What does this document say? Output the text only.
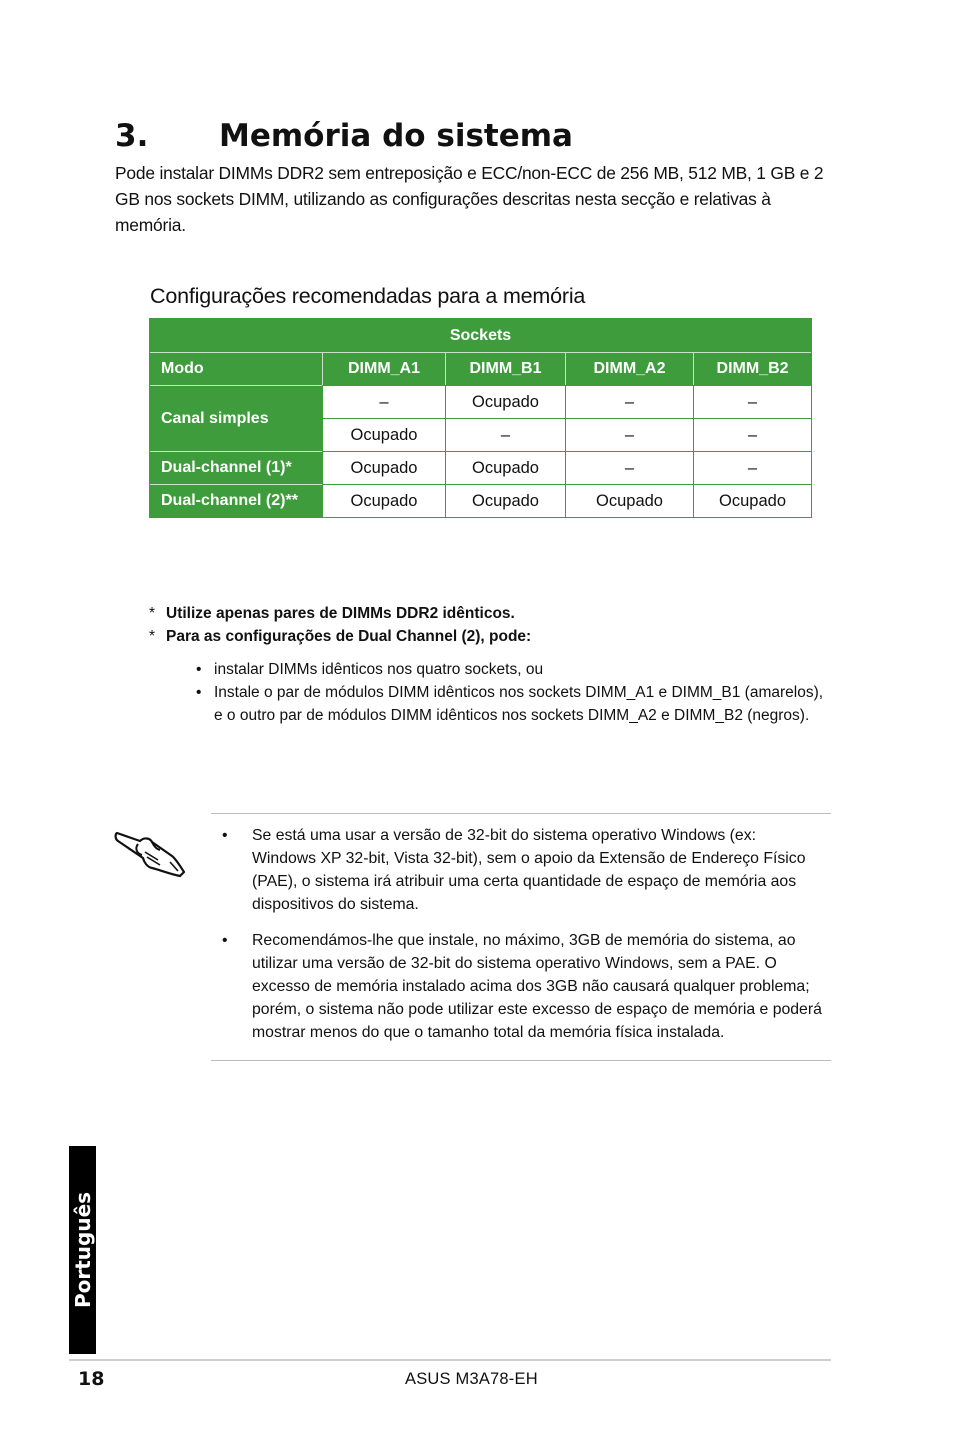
3. Memória do sistema

Pode instalar DIMMs DDR2 sem entreposição e ECC/non-ECC de 256 MB, 512 MB, 1 GB e 2 GB nos sockets DIMM, utilizando as configurações descritas nesta secção e relativas à memória.

Configurações recomendadas para a memória
Sockets				
Modo	DIMM_A1	DIMM_B1	DIMM_A2	DIMM_B2
Canal simples	–	Ocupado	–	–
	Ocupado	–	–	–
Dual-channel (1)*	Ocupado	Ocupado	–	–
Dual-channel (2)**	Ocupado	Ocupado	Ocupado	Ocupado
* Utilize apenas pares de DIMMs DDR2 idênticos.
* Para as configurações de Dual Channel (2), pode:
• instalar DIMMs idênticos nos quatro sockets, ou
• Instale o par de módulos DIMM idênticos nos sockets DIMM_A1 e DIMM_B1 (amarelos), e o outro par de módulos DIMM idênticos nos sockets DIMM_A2 e DIMM_B2 (negros).
•	Se está uma usar a versão de 32-bit do sistema operativo Windows (ex: Windows XP 32-bit, Vista 32-bit), sem o apoio da Extensão de Endereço Físico (PAE), o sistema irá atribuir uma certa quantidade de espaço de memória aos dispositivos do sistema.
•	Recomendámos-lhe que instale, no máximo, 3GB de memória do sistema, ao utilizar uma versão de 32-bit do sistema operativo Windows, sem a PAE. O excesso de memória instalado acima dos 3GB não causará qualquer problema; porém, o sistema não pode utilizar este excesso de espaço de memória e poderá mostrar menos do que o tamanho total da memória física instalada.
Português
18	ASUS M3A78-EH
